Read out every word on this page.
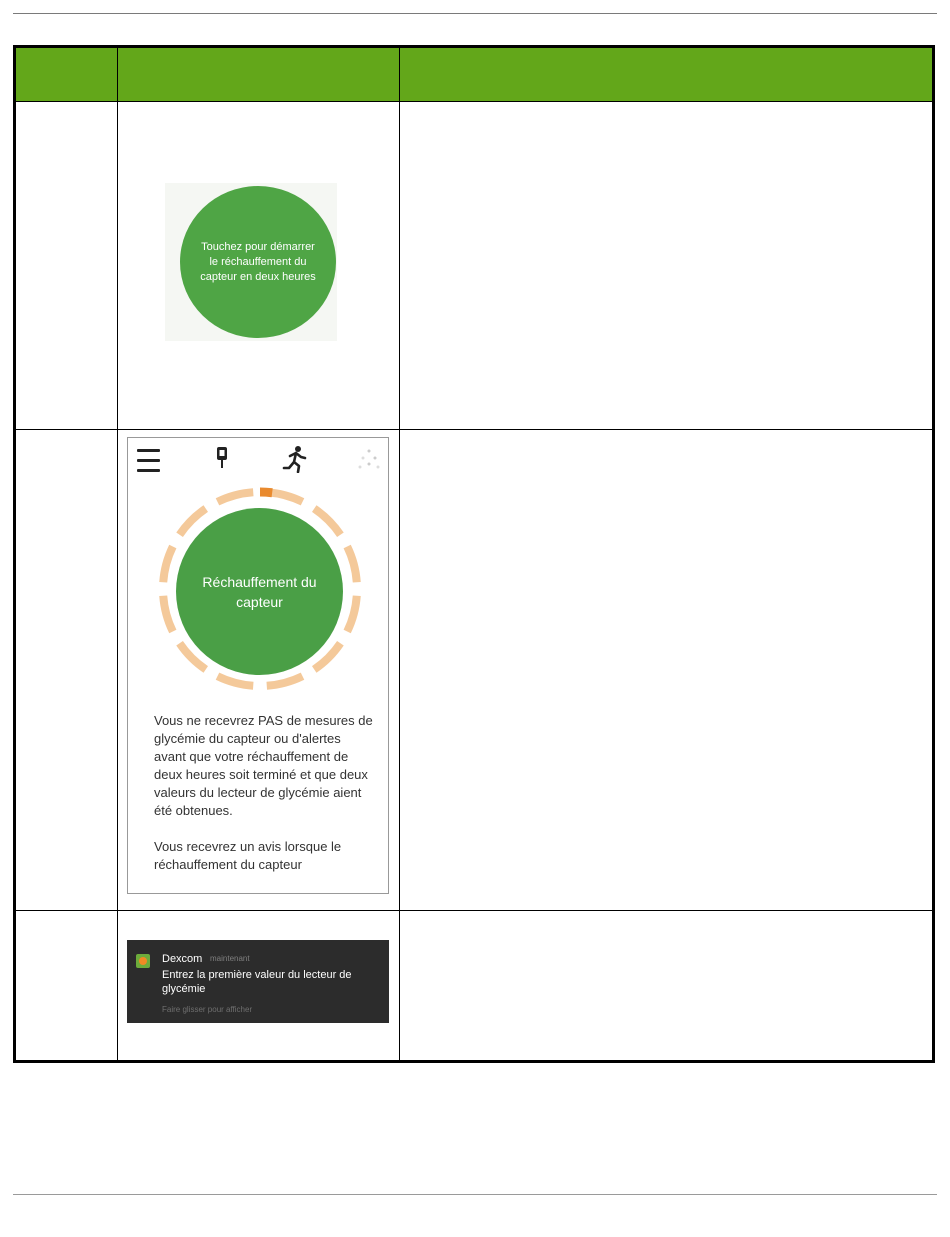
Touchez pour démarrer le réchauffement du capteur en deux heures
Réchauffement du capteur

Vous ne recevrez PAS de mesures de glycémie du capteur ou d'alertes avant que votre réchauffement de deux heures soit terminé et que deux valeurs du lecteur de glycémie aient été obtenues.

Vous recevrez un avis lorsque le réchauffement du capteur

Dexcom maintenant
Entrez la première valeur du lecteur de glycémie
Faire glisser pour afficher
